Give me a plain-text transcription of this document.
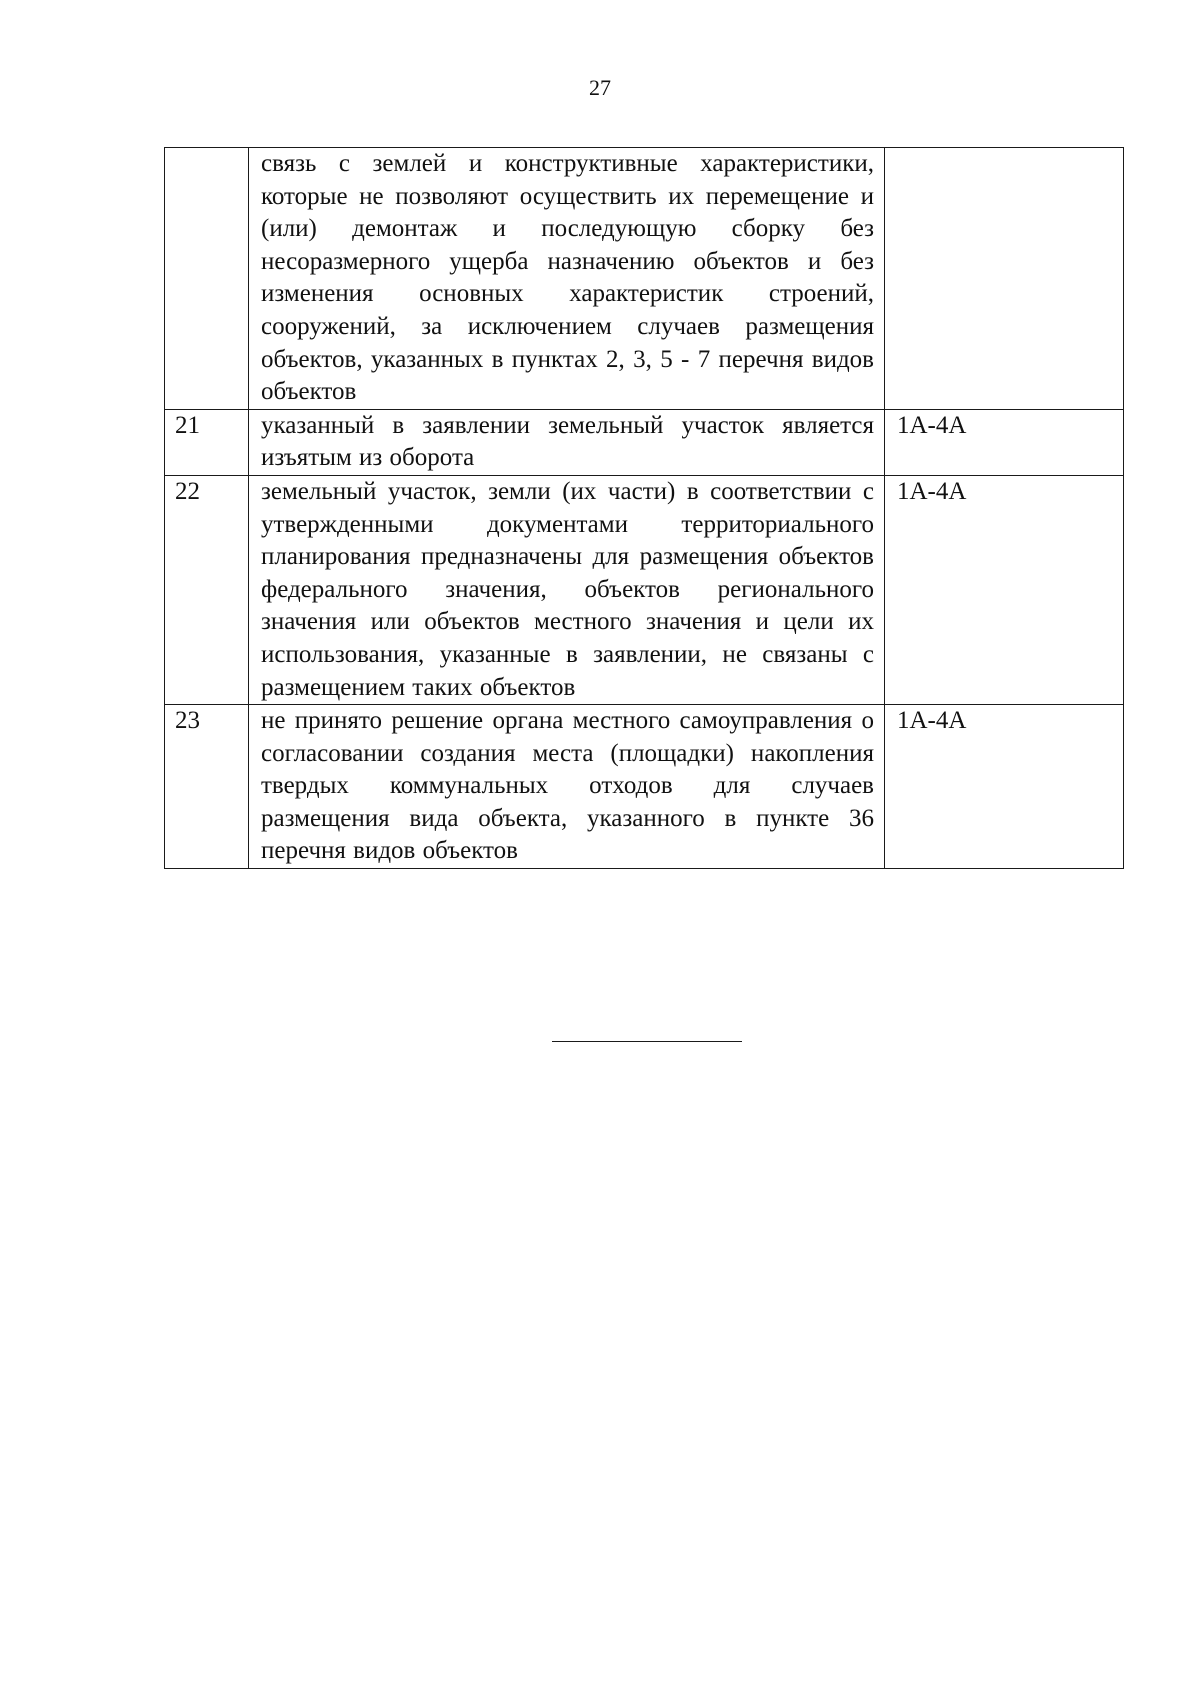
27

	связь с землей и конструктивные характеристики, которые не позволяют осуществить их перемещение и (или) демонтаж и последующую сборку без несоразмерного ущерба назначению объектов и без изменения основных характеристик строений, сооружений, за исключением случаев размещения объектов, указанных в пунктах 2, 3, 5 - 7 перечня видов объектов	

21	указанный в заявлении земельный участок является изъятым из оборота	1А-4А
22	земельный участок, земли (их части) в соответствии с утвержденными документами территориального планирования предназначены для размещения объектов федерального значения, объектов регионального значения или объектов местного значения и цели их использования, указанные в заявлении, не связаны с размещением таких объектов	1А-4А
23	не принято решение органа местного самоуправления о согласовании создания места (площадки) накопления твердых коммунальных отходов для случаев размещения вида объекта, указанного в пункте 36 перечня видов объектов	1А-4А
